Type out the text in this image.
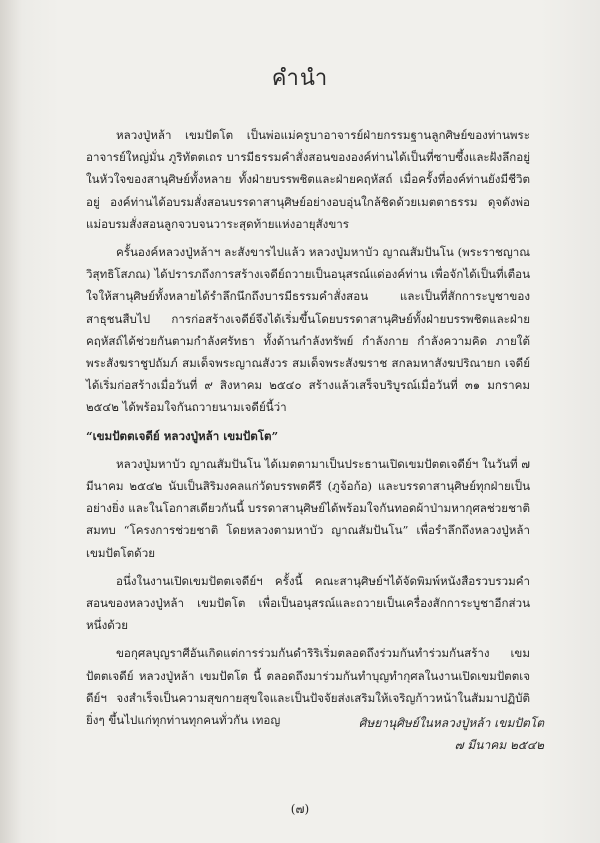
คำนำ

หลวงปู่หล้า เขมปัตโต เป็นพ่อแม่ครูบาอาจารย์ฝ่ายกรรมฐานลูกศิษย์ของท่านพระอาจารย์ใหญ่มั่น ภูริทัตตเถร บารมีธรรมคำสั่งสอนขององค์ท่านได้เป็นที่ซาบซึ้งและฝังลึกอยู่ในหัวใจของสานุศิษย์ทั้งหลาย ทั้งฝ่ายบรรพชิตและฝ่ายคฤหัสถ์ เมื่อครั้งที่องค์ท่านยังมีชีวิตอยู่ องค์ท่านได้อบรมสั่งสอนบรรดาสานุศิษย์อย่างอบอุ่นใกล้ชิดด้วยเมตตาธรรม ดุจดังพ่อแม่อบรมสั่งสอนลูกจวบจนวาระสุดท้ายแห่งอายุสังขาร

ครั้นองค์หลวงปู่หล้าฯ ละสังขารไปแล้ว หลวงปู่มหาบัว ญาณสัมปันโน (พระราชญาณวิสุทธิโสภณ) ได้ปรารภถึงการสร้างเจดีย์ถวายเป็นอนุสรณ์แด่องค์ท่าน เพื่อจักได้เป็นที่เตือนใจให้สานุศิษย์ทั้งหลายได้รำลึกนึกถึงบารมีธรรมคำสั่งสอน และเป็นที่สักการะบูชาของสาธุชนสืบไป การก่อสร้างเจดีย์จึงได้เริ่มขึ้นโดยบรรดาสานุศิษย์ทั้งฝ่ายบรรพชิตและฝ่ายคฤหัสถ์ได้ช่วยกันตามกำลังศรัทธา ทั้งด้านกำลังทรัพย์ กำลังกาย กำลังความคิด ภายใต้พระสังฆราชูปถัมภ์ สมเด็จพระญาณสังวร สมเด็จพระสังฆราช สกลมหาสังฆปริณายก เจดีย์ได้เริ่มก่อสร้างเมื่อวันที่ ๙ สิงหาคม ๒๕๔๐ สร้างแล้วเสร็จบริบูรณ์เมื่อวันที่ ๓๑ มกราคม ๒๕๔๒ ได้พร้อมใจกันถวายนามเจดีย์นี้ว่า

“เขมปัตตเจดีย์ หลวงปู่หล้า เขมปัตโต”

หลวงปู่มหาบัว ญาณสัมปันโน ได้เมตตามาเป็นประธานเปิดเขมปัตตเจดีย์ฯ ในวันที่ ๗ มีนาคม ๒๕๔๒ นับเป็นสิริมงคลแก่วัดบรรพตคีรี (ภูจ้อก้อ) และบรรดาสานุศิษย์ทุกฝ่ายเป็นอย่างยิ่ง และในโอกาสเดียวกันนี้ บรรดาสานุศิษย์ได้พร้อมใจกันทอดผ้าป่ามหากุศลช่วยชาติสมทบ “โครงการช่วยชาติ โดยหลวงตามหาบัว ญาณสัมปันโน” เพื่อรำลึกถึงหลวงปู่หล้า เขมปัตโตด้วย

อนึ่งในงานเปิดเขมปัตตเจดีย์ฯ ครั้งนี้ คณะสานุศิษย์ฯได้จัดพิมพ์หนังสือรวบรวมคำสอนของหลวงปู่หล้า เขมปัตโต เพื่อเป็นอนุสรณ์และถวายเป็นเครื่องสักการะบูชาอีกส่วนหนึ่งด้วย

ขอกุศลบุญราศีอันเกิดแต่การร่วมกันดำริริเริ่มตลอดถึงร่วมกันทำร่วมกันสร้าง เขมปัตตเจดีย์ หลวงปู่หล้า เขมปัตโต นี้ ตลอดถึงมาร่วมกันทำบุญทำกุศลในงานเปิดเขมปัตตเจดีย์ฯ จงสำเร็จเป็นความสุขกายสุขใจและเป็นปัจจัยส่งเสริมให้เจริญก้าวหน้าในสัมมาปฏิบัติยิ่งๆ ขึ้นไปแก่ทุกท่านทุกคนทั่วกัน เทอญ	ศิษยานุศิษย์ในหลวงปู่หล้า เขมปัตโต
๗ มีนาคม ๒๕๔๒
(๗)
